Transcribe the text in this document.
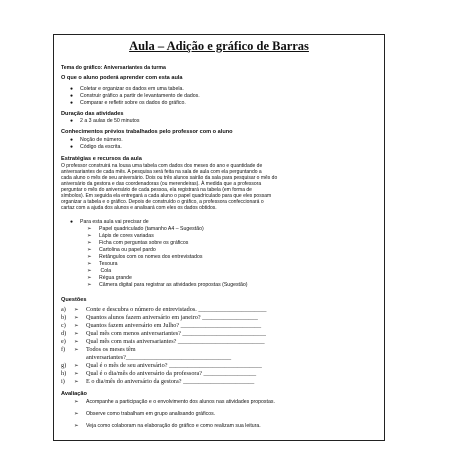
Aula – Adição e gráfico de Barras
Tema do gráfico: Aniversariantes da turma
O que o aluno poderá aprender com esta aula
● Coletar e organizar os dados em uma tabela.
● Construir gráfico a partir de levantamento de dados.
● Comparar e refletir sobre os dados do gráfico.
Duração das atividades
● 2 a 3 aulas de 50 minutos
Conhecimentos prévios trabalhados pelo professor com o aluno
● Noção de número.
● Código da escrita.
Estratégias e recursos da aula
O professor construirá na lousa uma tabela com dados dos meses do ano e quantidade de
aniversariantes de cada mês. A pesquisa será feita na sala de aula com ela perguntando a
cada aluno o mês de seu aniversário. Dois ou três alunos sairão da sala para pesquisar o mês do
aniversário da gestora e das coordenadoras (ou merendeiras). À medida que a professora
perguntar o mês do aniversário de cada pessoa, ela registrará na tabela (em forma de
símbolos). Em seguida ela entregará a cada aluno o papel quadriculado para que eles possam
organizar a tabela e o gráfico. Depois de construído o gráfico, a professora confeccionará o
cartaz com a ajuda dos alunos e analisará com eles os dados obtidos.
● Para esta aula vai precisar de
➢ Papel quadriculado (tamanho A4 – Sugestão)
➢ Lápis de cores variadas
➢ Ficha com perguntas sobre os gráficos
➢ Cartolina ou papel pardo
➢ Retângulos com os nomes dos entrevistados
➢ Tesoura
➢ Cola
➢ Régua grande
➢ Câmera digital para registrar as atividades propostas (Sugestão)
Questões
a) ➢ Conte e descubra o número de entrevistados. ______________________
b) ➢ Quantos alunos fazem aniversário em janeiro? __________________
c) ➢ Quantos fazem aniversário em Julho? __________________________
d) ➢ Qual mês com menos aniversariantes? ___________________________
e) ➢ Qual mês com mais aniversariantes? ____________________________
f) ➢ Todos os meses têm
aniversariantes?__________________________________
g) ➢ Qual é o mês de seu aniversário? ______________________________
h) ➢ Qual é o dia/mês do aniversário da professora? _________________
i) ➢ E o dia/mês do aniversário da gestora? _______________________
Avaliação
➢ Acompanhe a participação e o envolvimento dos alunos nas atividades propostas.
➢ Observe como trabalham em grupo analisando gráficos.
➢ Veja como colaboram na elaboração do gráfico e como realizam sua leitura.
